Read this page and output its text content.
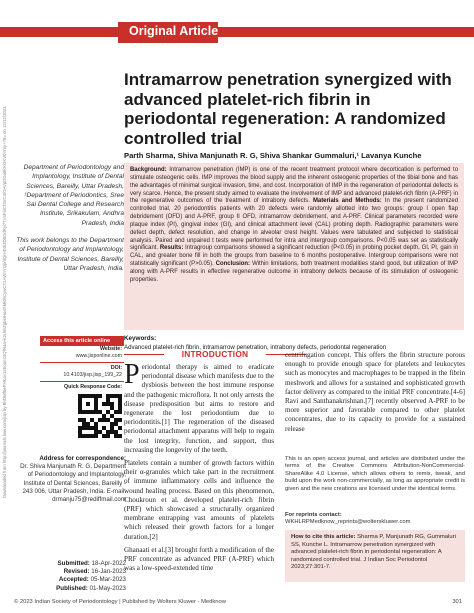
Original Article
Downloaded from http://journals.lww.com/jisp by BhDMf5ePHKav1zEoum1tQfN4a+kJLhEZgbsIHo4XMi0hCywCX1AWnYQp/IlQrHD3i3D0OdRyi7TvSFl4Cf3VC4/OAVpDDa8KKGKV0Ymy+78= on 12/12/2023
Intramarrow penetration synergized with advanced platelet-rich fibrin in periodontal regeneration: A randomized controlled trial
Parth Sharma, Shiva Manjunath R. G, Shiva Shankar Gummaluri,¹ Lavanya Kunche
Department of Periodontology and Implantology, Institute of Dental Sciences, Bareilly, Uttar Pradesh, ¹Department of Periodontics, Sree Sai Dental College and Research Institute, Srikakulam, Andhra Pradesh, India
This work belongs to the Department of Periodontology and Implantology, Institute of Dental Sciences, Bareilly, Uttar Pradesh, India.
Background: Intramarrow penetration (IMP) is one of the recent treatment protocol where decortication is performed to stimulate osteogenic cells. IMP improves the blood supply and the inherent osteogenic properties of the tibial bone and has the advantages of minimal surgical invasion, time, and cost. Incorporation of IMP in the regeneration of periodontal defects is very scarce. Hence, the present study aimed to evaluate the involvement of IMP and advanced platelet-rich fibrin (A-PRF) in the regenerative outcomes of the treatment of intrabony defects. Materials and Methods: In the present randomized controlled trial, 20 periodontitis patients with 20 defects were randomly allotted into two groups: group I open flap debridement (OFD) and A-PRF, group II OFD, intramarrow debridement, and A-PRF. Clinical parameters recorded were plaque index (PI), gingival index (GI), and clinical attachment level (CAL) probing depth. Radiographic parameters were defect depth, defect resolution, and change in alveolar crest height. Values were tabulated and subjected to statistical analysis. Paired and unpaired t tests were performed for intra and intergroup comparisons. P<0.05 was set as statistically significant. Results: Intragroup comparisons showed a significant reduction (P<0.05) in probing pocket depth, GI, PI, gain in CAL, and greater bone fill in both the groups from baseline to 6 months postoperative. Intergroup comparisons were not statistically significant (P>0.05). Conclusion: Within limitations, both treatment modalities stand good, but utilization of IMP along with A-PRF results in effective regenerative outcome in intrabony defects because of its stimulation of osteogenic properties.
Keywords:
Advanced platelet-rich fibrin, intramarrow penetration, intrabony defects, periodontal regeneration
Access this article online
Website:
www.jisponline.com
DOI:
10.4103/jisp.jisp_199_22
Quick Response Code:
Address for correspondence:
Dr. Shiva Manjunath R. G, Department of Periodontology and Implantology, Institute of Dental Sciences, Bareilly - 243 006, Uttar Pradesh, India. E-mail: drmanju75@rediffmail.com
Submitted: 18-Apr-2022
Revised: 16-Jan-2023
Accepted: 05-Mar-2023
Published: 01-May-2023
INTRODUCTION
P eriodontal therapy is aimed to eradicate periodontal disease which manifests due to the dysbiosis between the host immune response and the pathogenic microflora. It not only arrests the disease predisposition but aims to restore and regenerate the lost periodontium due to periodontitis.[1] The regeneration of the diseased periodontal attachment apparatus will help to regain the lost integrity, function, and support, thus increasing the longevity of the teeth.

Platelets contain a number of growth factors within their α-granules which take part in the recruitment of immune inflammatory cells and influence the wound healing process. Based on this phenomenon, Choukroun et al. developed platelet-rich fibrin (PRF) which showcased a structurally organized membrane entrapping vast amounts of platelets which released their growth factors for a longer duration.[2]

Ghanaati et al.[3] brought forth a modification of the PRF concentrate as advanced PRF (A-PRF) which was a low-speed-extended time

centrifugation concept. This offers the fibrin structure porous enough to provide enough space for platelets and leukocytes such as monocytes and macrophages to be trapped in the fibrin meshwork and allows for a sustained and sophisticated growth factor delivery as compared to the initial PRF concentrate.[4-6] Ravi and Santhanakrishnan.[7] recently observed A-PRF to be more superior and favorable compared to other platelet concentrates, due to its capacity to provide for a sustained release
This is an open access journal, and articles are distributed under the terms of the Creative Commons Attribution-NonCommercial-ShareAlike 4.0 License, which allows others to remix, tweak, and build upon the work non-commercially, as long as appropriate credit is given and the new creations are licensed under the identical terms.
For reprints contact: WKHLRPMedknow_reprints@wolterskluwer.com
How to cite this article: Sharma P, Manjunath RG, Gummaluri SS, Kunche L. Intramarrow penetration synergized with advanced platelet-rich fibrin in periodontal regeneration: A randomized controlled trial. J Indian Soc Periodontol 2023;27:301-7.
© 2023 Indian Society of Periodontology | Published by Wolters Kluwer - Medknow	301
